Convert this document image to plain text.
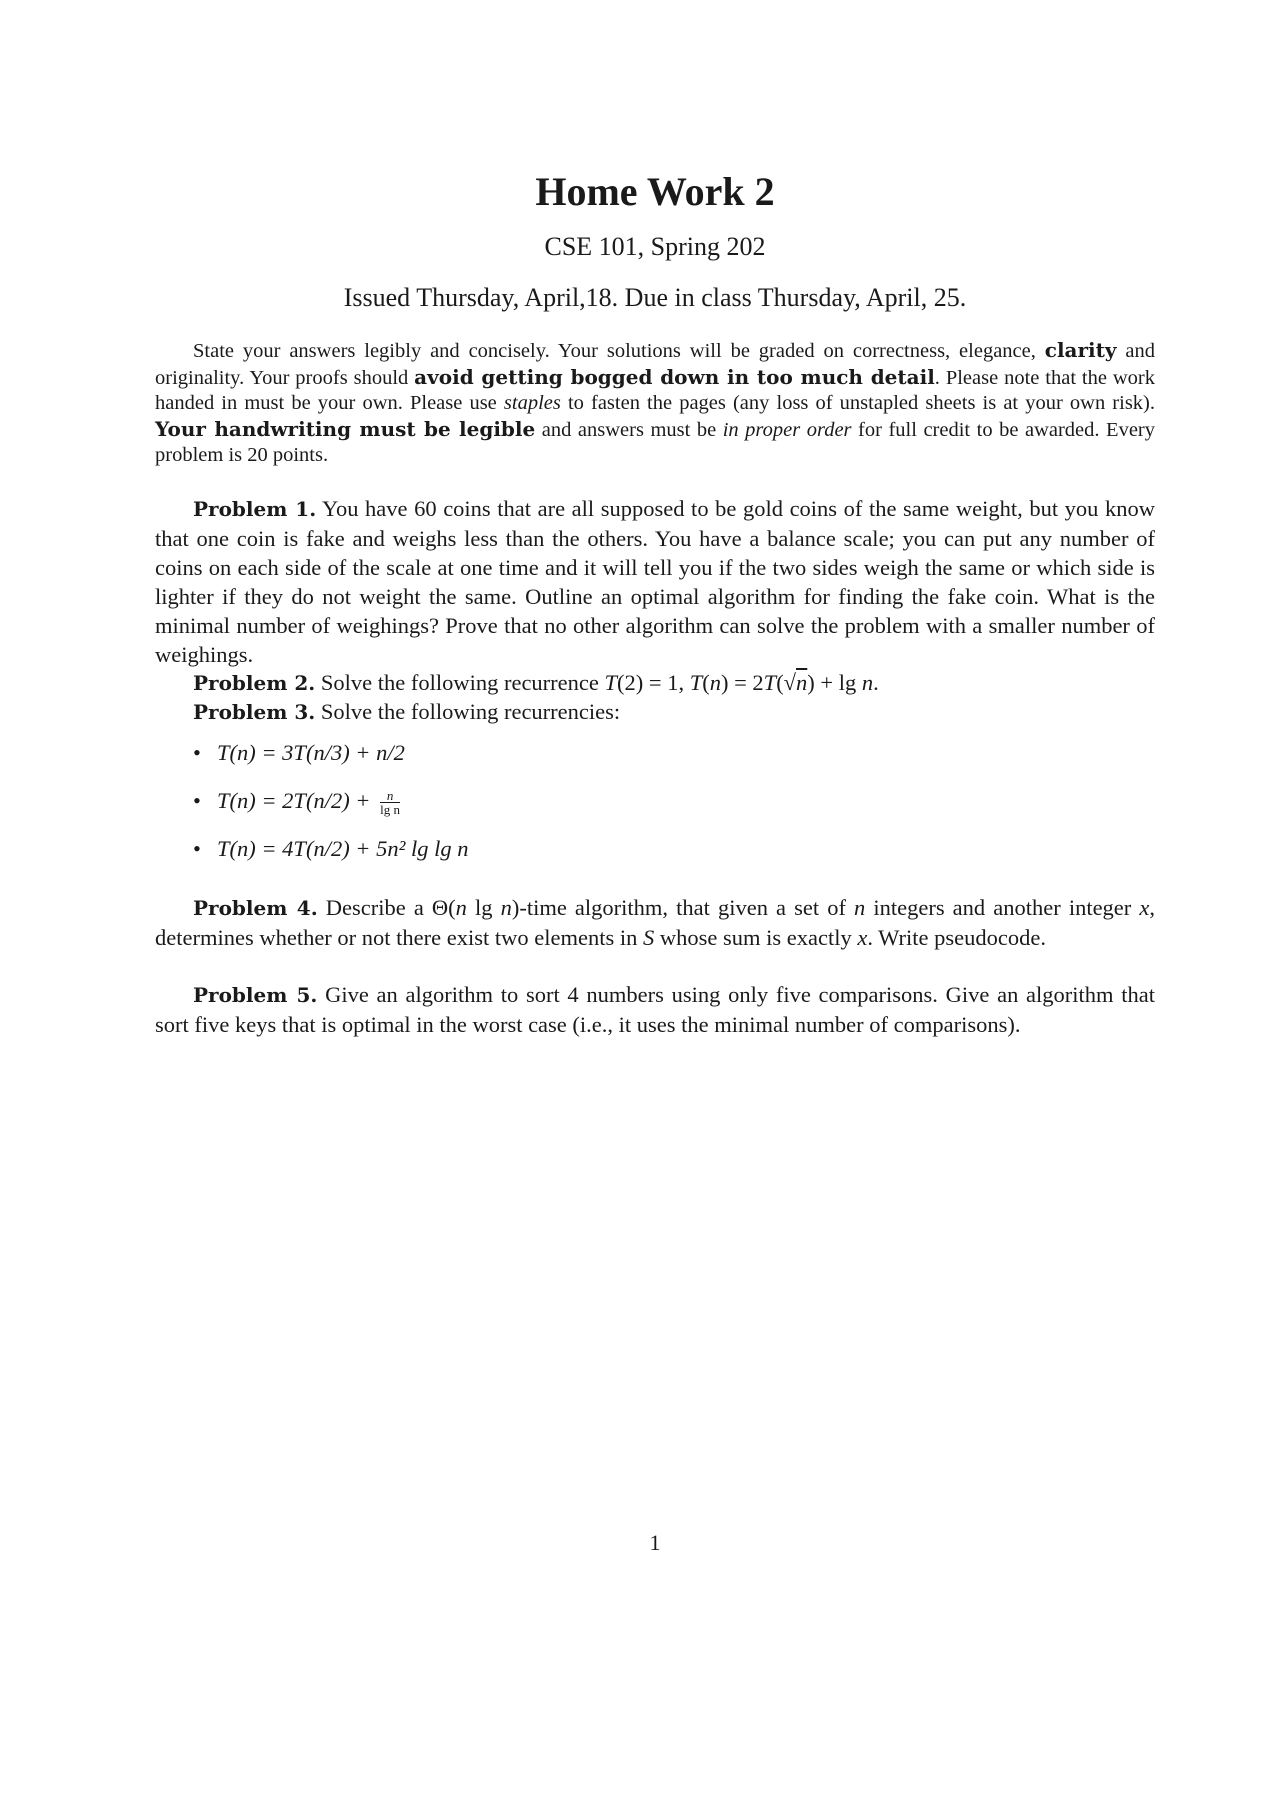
Home Work 2
CSE 101, Spring 202
Issued Thursday, April,18. Due in class Thursday, April, 25.
State your answers legibly and concisely. Your solutions will be graded on correctness, elegance, clarity and originality. Your proofs should avoid getting bogged down in too much detail. Please note that the work handed in must be your own. Please use staples to fasten the pages (any loss of unstapled sheets is at your own risk). Your handwriting must be legible and answers must be in proper order for full credit to be awarded. Every problem is 20 points.
Problem 1. You have 60 coins that are all supposed to be gold coins of the same weight, but you know that one coin is fake and weighs less than the others. You have a balance scale; you can put any number of coins on each side of the scale at one time and it will tell you if the two sides weigh the same or which side is lighter if they do not weight the same. Outline an optimal algorithm for finding the fake coin. What is the minimal number of weighings? Prove that no other algorithm can solve the problem with a smaller number of weighings.
Problem 2. Solve the following recurrence T(2) = 1, T(n) = 2T(√n) + lg n.
Problem 3. Solve the following recurrencies:
• T(n) = 3T(n/3) + n/2
• $T(n) = 2T(n/2) + \frac{n}{\text{lg n}}$
• T(n) = 4T(n/2) + 5n² lg lg n
Problem 4. Describe a Θ(n lg n)-time algorithm, that given a set of n integers and another integer x, determines whether or not there exist two elements in S whose sum is exactly x. Write pseudocode.
Problem 5. Give an algorithm to sort 4 numbers using only five comparisons. Give an algorithm that sort five keys that is optimal in the worst case (i.e., it uses the minimal number of comparisons).
1
